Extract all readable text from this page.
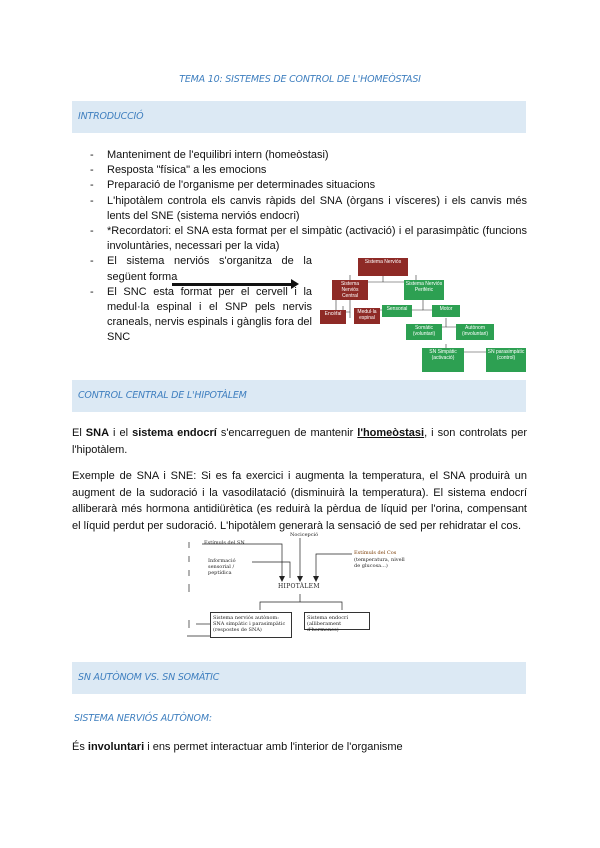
TEMA 10: SISTEMES DE CONTROL DE L'HOMEÒSTASI
INTRODUCCIÓ
- Manteniment de l'equilibri intern (homeòstasi)
- Resposta "física" a les emocions
- Preparació de l'organisme per determinades situacions
- L'hipotàlem controla els canvis ràpids del SNA (òrgans i vísceres) i els canvis més lents del SNE (sistema nerviós endocri)
- *Recordatori: el SNA esta format per el simpàtic (activació) i el parasimpàtic (funcions involuntàries, necessari per la vida)
- El sistema nerviós s'organitza de la següent forma
- El SNC esta format per el cervell i la medul·la espinal i el SNP pels nervis craneals, nervis espinals i gànglis fora del SNC
Sistema Nerviós
Sistema Nerviós Central
Sistema Nerviós Perifèric
Encèfal	Medul·la espinal
Sensorial	Motor
Somàtic (voluntari)
Autònom (involuntari)
SN Simpàtic (activació)
SN parasimpàtic (control)
CONTROL CENTRAL DE L'HIPOTÀLEM
El SNA i el sistema endocrí s'encarreguen de mantenir l'homeòstasi, i son controlats per l'hipotàlem.
Exemple de SNA i SNE: Si es fa exercici i augmenta la temperatura, el SNA produirà un augment de la sudoració i la vasodilatació (disminuirà la temperatura). El sistema endocrí alliberarà més hormona antidiürètica (es reduirà la pèrdua de líquid per l'orina, compensant el líquid perdut per sudoració. L'hipotàlem generarà la sensació de sed per rehidratar el cos.
Nocicepció
Estímuls del SN
Informació sensorial / peptídica
Estímuls del Cos
(temperatura, nivell de glucosa...)
HIPOTÀLEM
Sistema nerviós autònom: SNA simpàtic i parasimpàtic (respostes de SNA)
Sistema endocrí (alliberament d'hormones)
SN AUTÒNOM VS. SN SOMÀTIC
SISTEMA NERVIÓS AUTÒNOM:
És involuntari i ens permet interactuar amb l'interior de l'organisme
